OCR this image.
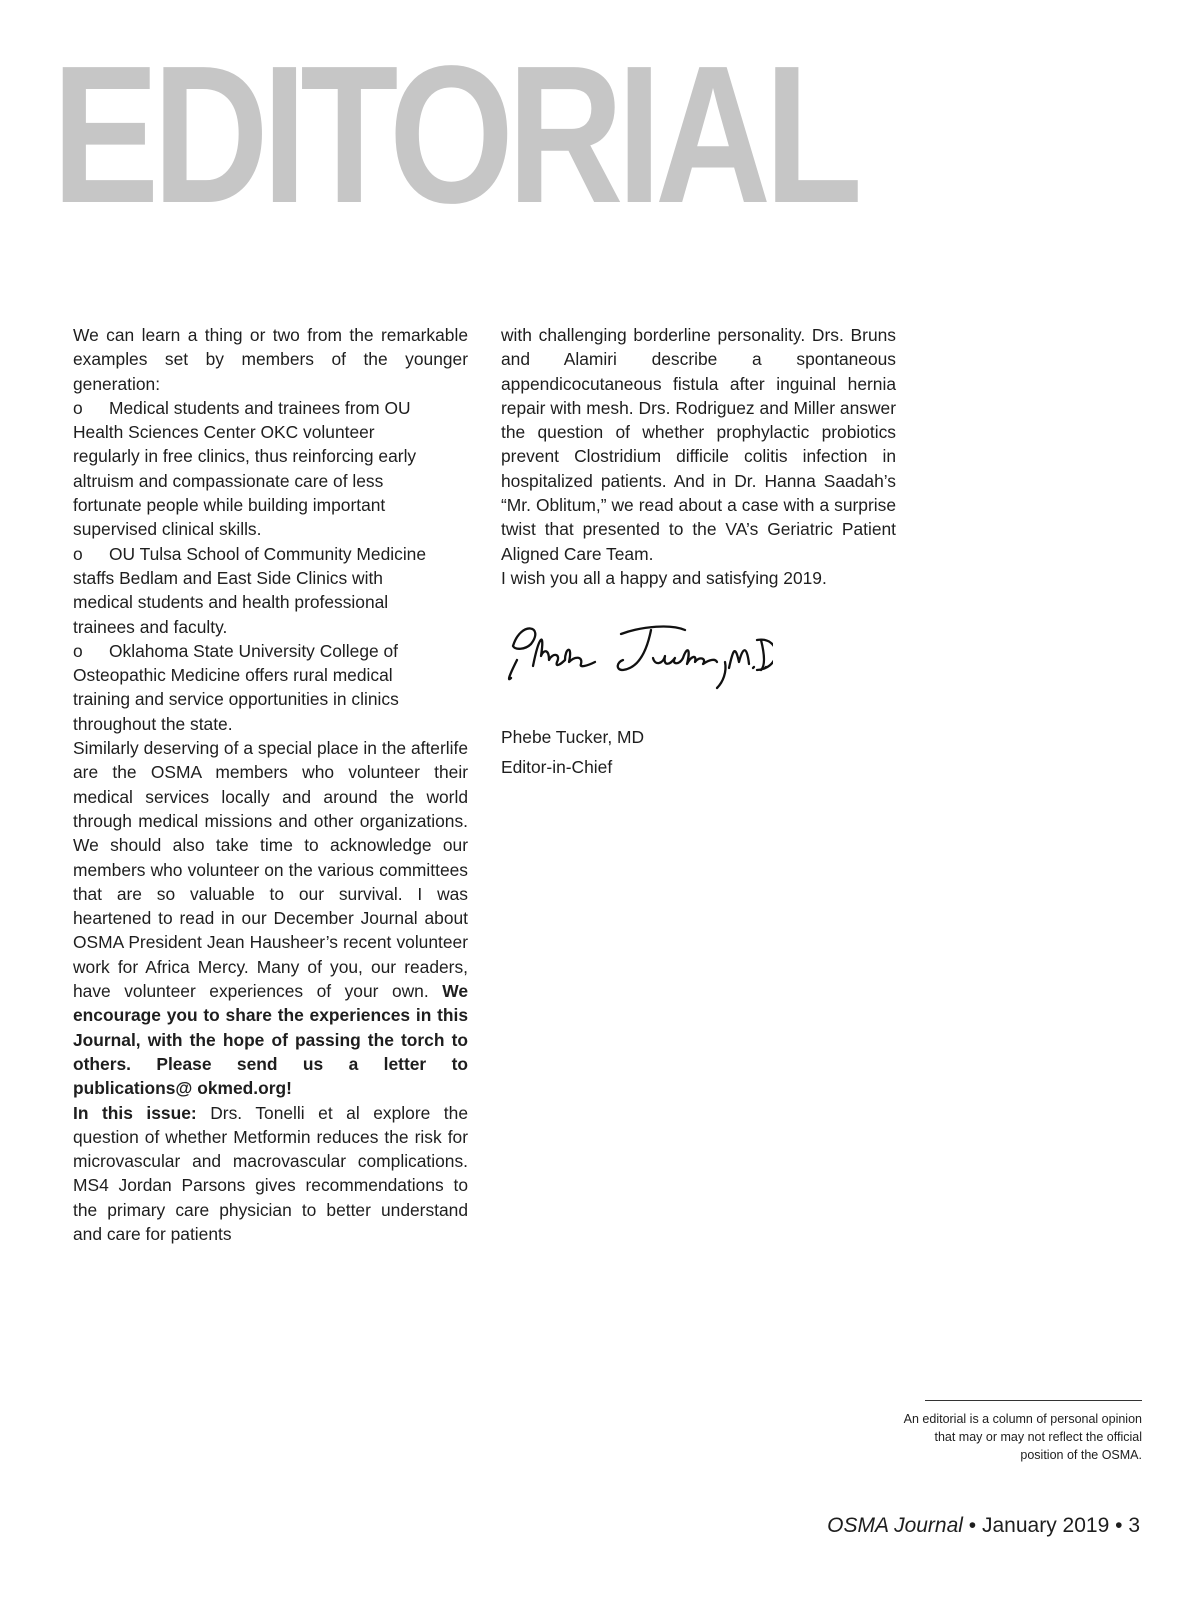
EDITORIAL

We can learn a thing or two from the remarkable examples set by members of the younger generation:

o Medical students and trainees from OU Health Sciences Center OKC volunteer regularly in free clinics, thus reinforcing early altruism and compassionate care of less fortunate people while building important supervised clinical skills.

o OU Tulsa School of Community Medicine staffs Bedlam and East Side Clinics with medical students and health professional trainees and faculty.

o Oklahoma State University College of Osteopathic Medicine offers rural medical training and service opportunities in clinics throughout the state.

Similarly deserving of a special place in the afterlife are the OSMA members who volunteer their medical services locally and around the world through medical missions and other organizations. We should also take time to acknowledge our members who volunteer on the various committees that are so valuable to our survival. I was heartened to read in our December Journal about OSMA President Jean Hausheer’s recent volunteer work for Africa Mercy. Many of you, our readers, have volunteer experiences of your own. We encourage you to share the experiences in this Journal, with the hope of passing the torch to others. Please send us a letter to publications@ okmed.org!

In this issue: Drs. Tonelli et al explore the question of whether Metformin reduces the risk for microvascular and macrovascular complications. MS4 Jordan Parsons gives recommendations to the primary care physician to better understand and care for patients

with challenging borderline personality. Drs. Bruns and Alamiri describe a spontaneous appendicocutaneous fistula after inguinal hernia repair with mesh. Drs. Rodriguez and Miller answer the question of whether prophylactic probiotics prevent Clostridium difficile colitis infection in hospitalized patients. And in Dr. Hanna Saadah’s “Mr. Oblitum,” we read about a case with a surprise twist that presented to the VA’s Geriatric Patient Aligned Care Team.

I wish you all a happy and satisfying 2019.

Phebe Tucker, MD
Editor-in-Chief
An editorial is a column of personal opinion that may or may not reflect the official position of the OSMA.
OSMA Journal • January 2019 • 3
